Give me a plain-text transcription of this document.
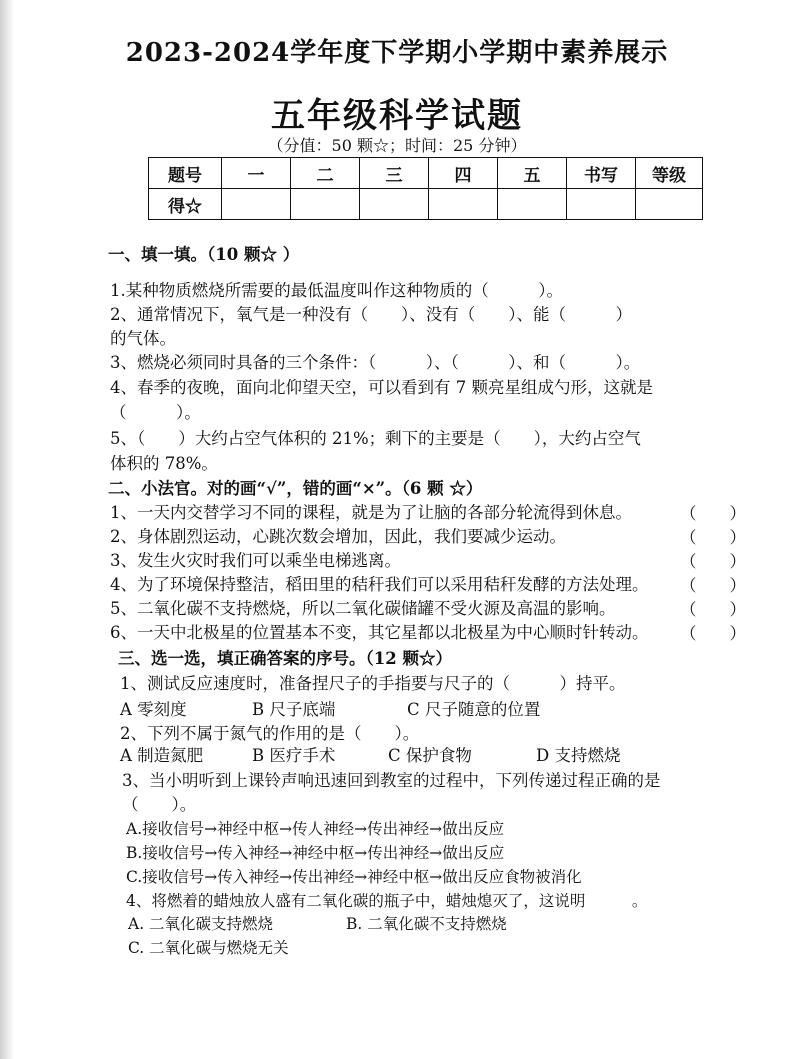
2023-2024学年度下学期小学期中素养展示
五年级科学试题
（分值：50 颗☆；时间：25 分钟）
题号	一	二	三	四	五	书写	等级
得☆							
一、填一填。（10 颗☆ ）
1.某种物质燃烧所需要的最低温度叫作这种物质的（　　　）。
2、通常情况下，氧气是一种没有（　　）、没有（　　）、能（　　　）
的气体。
3、燃烧必须同时具备的三个条件：（　　　）、（　　　）、和（　　　）。
4、春季的夜晚，面向北仰望天空，可以看到有 7 颗亮星组成勺形，这就是
（　　　）。
5、（　　）大约占空气体积的 21%；剩下的主要是（　　），大约占空气
体积的 78%。
二、小法官。对的画“√”，错的画“×”。（6 颗 ☆）
1、一天内交替学习不同的课程，就是为了让脑的各部分轮流得到休息。	（　　）
2、身体剧烈运动，心跳次数会增加，因此，我们要减少运动。	（　　）
3、发生火灾时我们可以乘坐电梯逃离。	（　　）
4、为了环境保持整洁，稻田里的秸秆我们可以采用秸秆发酵的方法处理。 （　　）
5、二氧化碳不支持燃烧，所以二氧化碳储罐不受火源及高温的影响。	（　　）
6、一天中北极星的位置基本不变，其它星都以北极星为中心顺时针转动。 （　　）
三、选一选，填正确答案的序号。（12 颗☆）
1、测试反应速度时，准备捏尺子的手指要与尺子的（　　　）持平。
A 零刻度	B 尺子底端	C 尺子随意的位置
2、下列不属于氮气的作用的是（　　）。
A 制造氮肥	B 医疗手术	C 保护食物	D 支持燃烧
3、当小明听到上课铃声响迅速回到教室的过程中，下列传递过程正确的是
（　　）。
A.接收信号→神经中枢→传人神经→传出神经→做出反应
B.接收信号→传入神经→神经中枢→传出神经→做出反应
C.接收信号→传入神经→传出神经→神经中枢→做出反应食物被消化
4、将燃着的蜡烛放人盛有二氧化碳的瓶子中，蜡烛熄灭了，这说明　　　。
A. 二氧化碳支持燃烧	B. 二氧化碳不支持燃烧
C. 二氧化碳与燃烧无关
